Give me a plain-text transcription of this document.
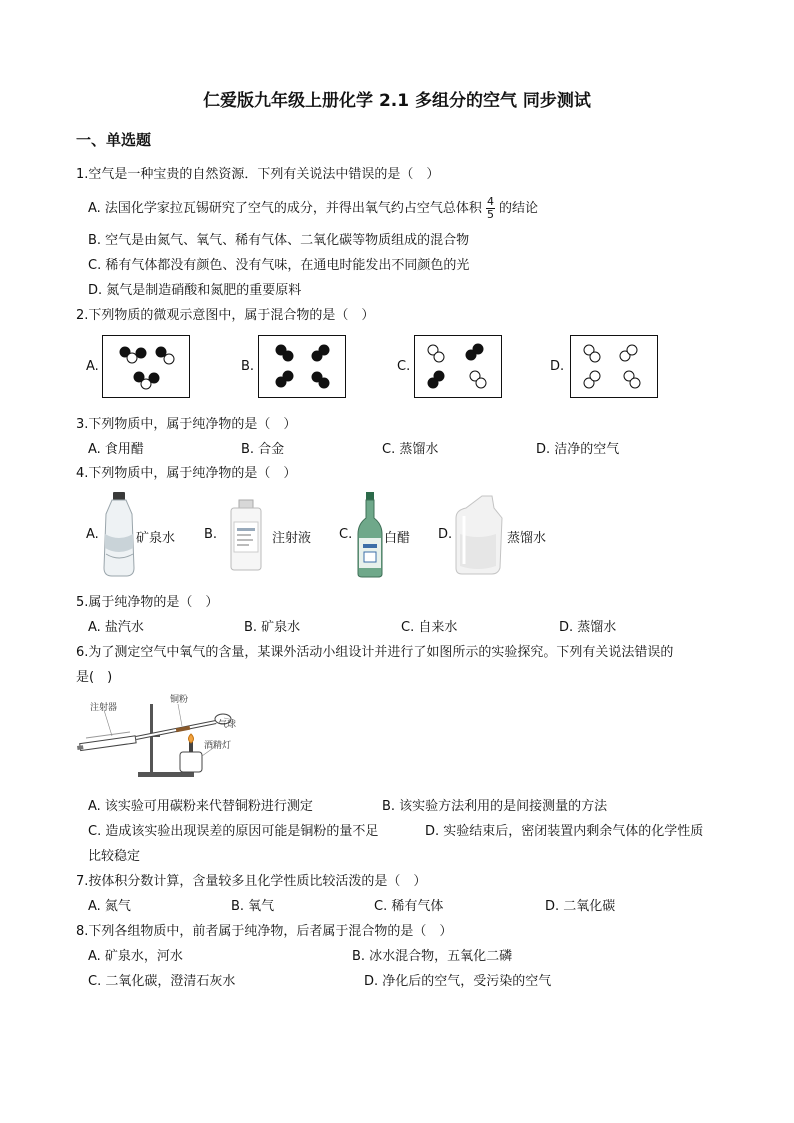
仁爱版九年级上册化学 2.1 多组分的空气 同步测试
一、单选题
1.空气是一种宝贵的自然资源．下列有关说法中错误的是（　）
A. 法国化学家拉瓦锡研究了空气的成分，并得出氧气约占空气总体积 $\frac{4}{5}$ 的结论
B. 空气是由氮气、氧气、稀有气体、二氧化碳等物质组成的混合物
C. 稀有气体都没有颜色、没有气味，在通电时能发出不同颜色的光
D. 氮气是制造硝酸和氮肥的重要原料
2.下列物质的微观示意图中，属于混合物的是（　）
A.	B.	C.	D.
3.下列物质中，属于纯净物的是（　）
A. 食用醋	B. 合金	C. 蒸馏水	D. 洁净的空气
4.下列物质中，属于纯净物的是（　）
A.	矿泉水 B.	注射液 C. 白醋 D.	蒸馏水
5.属于纯净物的是（　）
A. 盐汽水	B. 矿泉水	C. 自来水	D. 蒸馏水
6.为了测定空气中氧气的含量，某课外活动小组设计并进行了如图所示的实验探究。下列有关说法错误的
是(　)
注射器
铜粉
气球
酒精灯
A. 该实验可用碳粉来代替铜粉进行测定	B. 该实验方法利用的是间接测量的方法
C. 造成该实验出现误差的原因可能是铜粉的量不足	D. 实验结束后，密闭装置内剩余气体的化学性质
比较稳定
7.按体积分数计算，含量较多且化学性质比较活泼的是（　）
A. 氮气	B. 氧气	C. 稀有气体	D. 二氧化碳
8.下列各组物质中，前者属于纯净物，后者属于混合物的是（　）
A. 矿泉水，河水	B. 冰水混合物，五氧化二磷
C. 二氧化碳，澄清石灰水	D. 净化后的空气，受污染的空气
